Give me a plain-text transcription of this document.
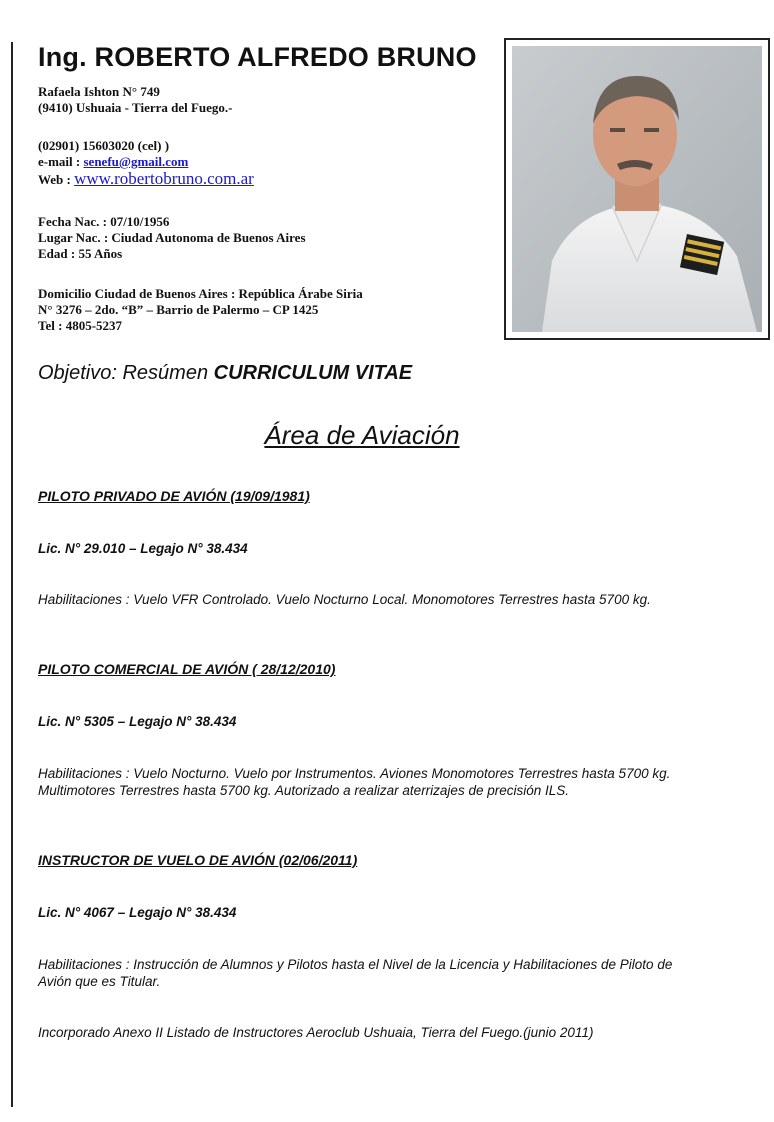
Ing. ROBERTO ALFREDO BRUNO
Rafaela Ishton N° 749
(9410) Ushuaia - Tierra del Fuego.-
(02901) 15603020 (cel) )
e-mail : senefu@gmail.com
Web : www.robertobruno.com.ar
Fecha Nac. : 07/10/1956
Lugar Nac. : Ciudad Autonoma de Buenos Aires
Edad : 55 Años
Domicilio Ciudad de Buenos Aires : República Árabe Siria
N° 3276 – 2do. “B” – Barrio de Palermo – CP 1425
Tel : 4805-5237
Objetivo: Resúmen CURRICULUM VITAE
Área de Aviación
PILOTO PRIVADO DE AVIÓN (19/09/1981)
Lic. N° 29.010 – Legajo N° 38.434
Habilitaciones : Vuelo VFR Controlado. Vuelo Nocturno Local. Monomotores Terrestres hasta 5700 kg.
PILOTO COMERCIAL DE AVIÓN ( 28/12/2010)
Lic. N° 5305 – Legajo N° 38.434
Habilitaciones : Vuelo Nocturno. Vuelo por Instrumentos. Aviones Monomotores Terrestres hasta 5700 kg. Multimotores Terrestres hasta 5700 kg. Autorizado a realizar aterrizajes de precisión ILS.
INSTRUCTOR DE VUELO DE AVIÓN (02/06/2011)
Lic. N° 4067 – Legajo N° 38.434
Habilitaciones : Instrucción de Alumnos y Pilotos hasta el Nivel de la Licencia y Habilitaciones de Piloto de Avión que es Titular.
Incorporado Anexo II Listado de Instructores Aeroclub Ushuaia, Tierra del Fuego.(junio 2011)
